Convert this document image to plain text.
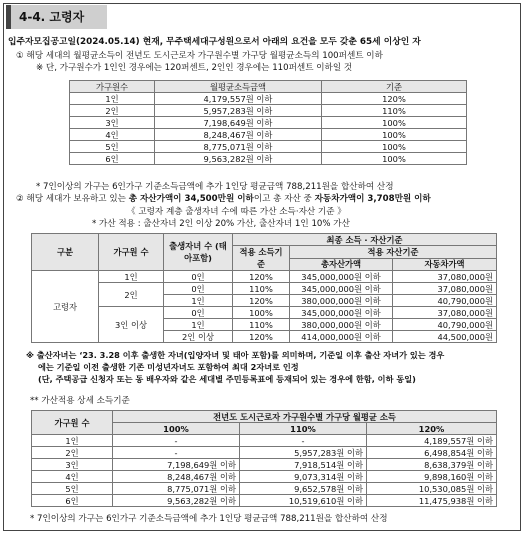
4-4. 고령자
입주자모집공고일(2024.05.14) 현재, 무주택세대구성원으로서 아래의 요건을 모두 갖춘 65세 이상인 자
① 해당 세대의 월평균소득이 전년도 도시근로자 가구원수별 가구당 월평균소득의 100퍼센트 이하
※ 단, 가구원수가 1인인 경우에는 120퍼센트, 2인인 경우에는 110퍼센트 이하일 것
가구원수	월평균소득금액	기준
1인	4,179,557원 이하	120%
2인	5,957,283원 이하	110%
3인	7,198,649원 이하	100%
4인	8,248,467원 이하	100%
5인	8,775,071원 이하	100%
6인	9,563,282원 이하	100%
* 7인이상의 가구는 6인가구 기준소득금액에 추가 1인당 평균금액 788,211원을 합산하여 산정
② 해당 세대가 보유하고 있는 총 자산가액이 34,500만원 이하이고 총 자산 중 자동차가액이 3,708만원 이하
《 고령자 계층 출생자녀 수에 따른 가산 소득·자산 기준 》
* 가산 적용 : 출산자녀 2인 이상 20% 가산, 출산자녀 1인 10% 가산
구분	가구원 수	출생자녀 수 (태아포함)	최종 소득 · 자산기준		
			적용 소득기준	적용 자산기준	
				총자산가액	자동차가액
고령자	1인	0인	120%	345,000,000원 이하	37,080,000원
	2인	0인	110%	345,000,000원 이하	37,080,000원
		1인	120%	380,000,000원 이하	40,790,000원
	3인 이상	0인	100%	345,000,000원 이하	37,080,000원
		1인	110%	380,000,000원 이하	40,790,000원
		2인 이상	120%	414,000,000원 이하	44,500,000원
※ 출산자녀는 ‘23. 3.28 이후 출생한 자녀(입양자녀 및 태아 포함)를 의미하며, 기준일 이후 출산 자녀가 있는 경우
에는 기준일 이전 출생한 기존 미성년자녀도 포함하여 최대 2자녀로 인정
(단, 주택공급 신청자 또는 동 배우자와 같은 세대별 주민등록표에 등재되어 있는 경우에 한함, 이하 동일)
** 가산적용 상세 소득기준
가구원 수	전년도 도시근로자 가구원수별 가구당 월평균 소득		
	100%	110%	120%
1인	-	-	4,189,557원 이하
2인	-	5,957,283원 이하	6,498,854원 이하
3인	7,198,649원 이하	7,918,514원 이하	8,638,379원 이하
4인	8,248,467원 이하	9,073,314원 이하	9,898,160원 이하
5인	8,775,071원 이하	9,652,578원 이하	10,530,085원 이하
6인	9,563,282원 이하	10,519,610원 이하	11,475,938원 이하
* 7인이상의 가구는 6인가구 기준소득금액에 추가 1인당 평균금액 788,211원을 합산하여 산정
